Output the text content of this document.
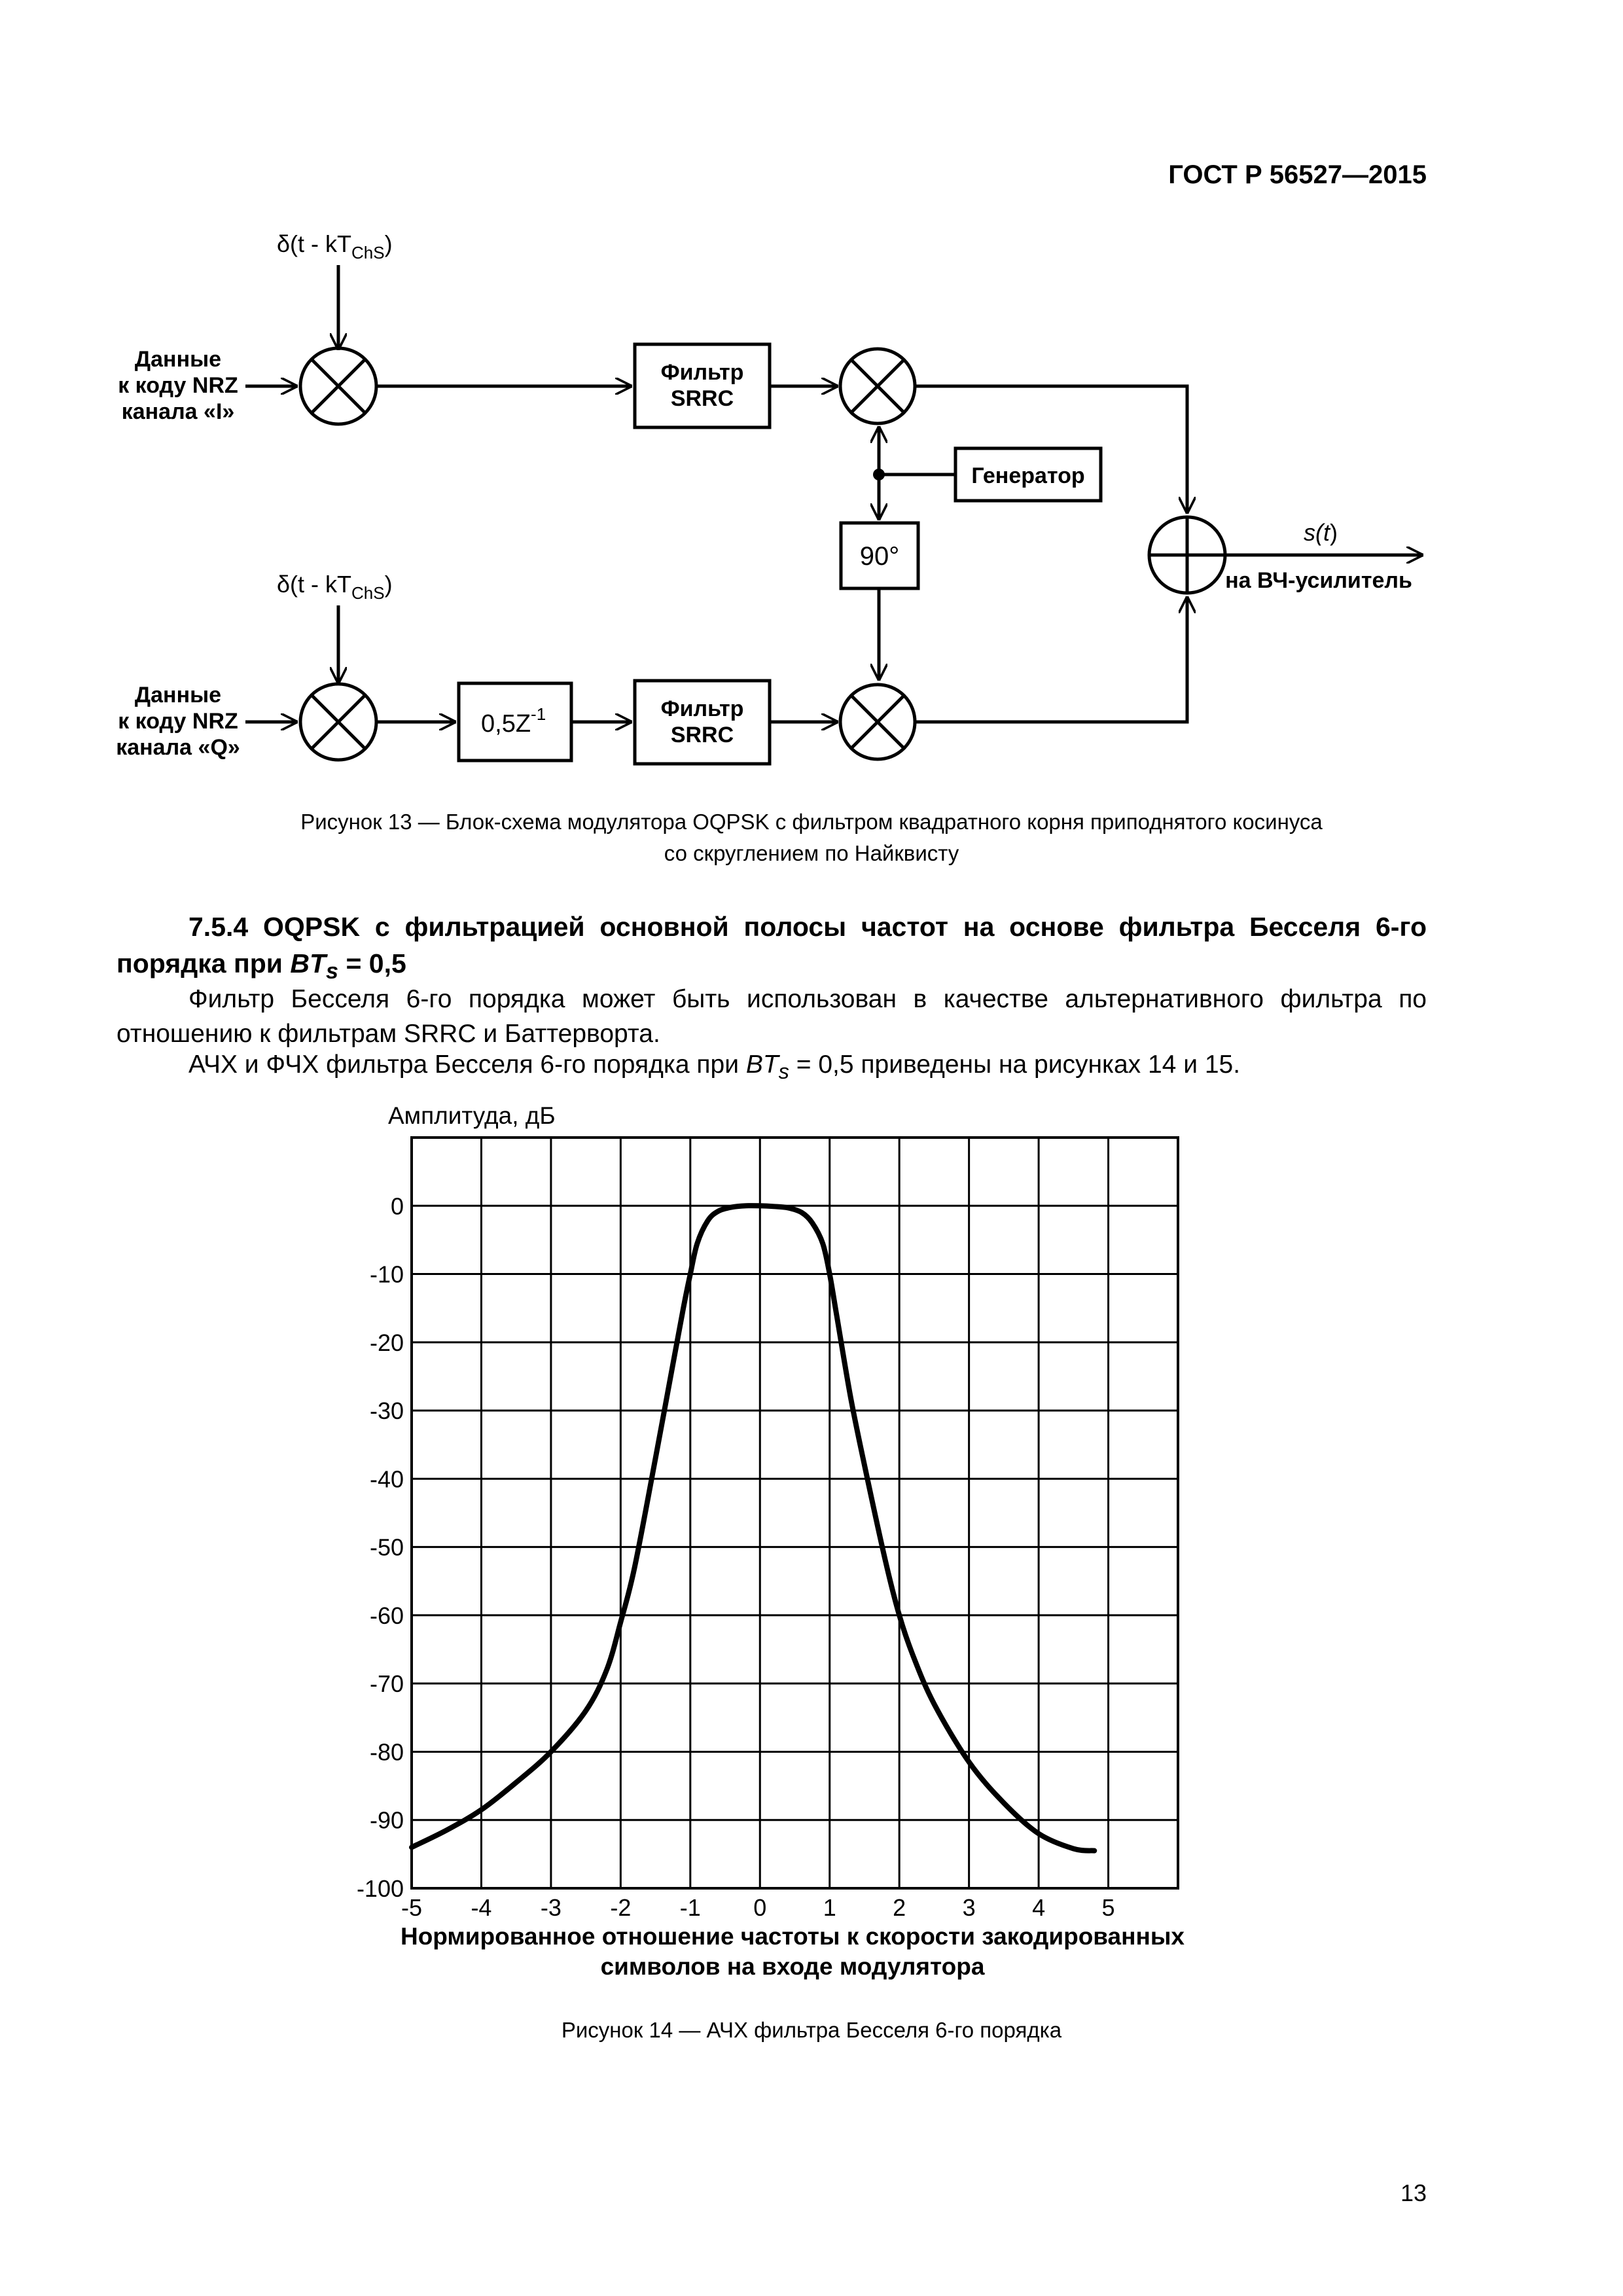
ГОСТ Р 56527—2015
$\delta(t - kT_{ChS})$
$\delta(t - kT_{ChS})$
Данные
к коду NRZ
канала «I»
Данные
к коду NRZ
канала «Q»
Фильтр
SRRC
Фильтр
SRRC
Генератор
на ВЧ-усилитель
90°
$0,5Z^{-1}$
s(t)
Рисунок 13 — Блок-схема модулятора OQPSK с фильтром квадратного корня приподнятого косинуса
со скруглением по Найквисту
7.5.4 OQPSK с фильтрацией основной полосы частот на основе фильтра Бесселя 6-го порядка при $BT_s = 0,5$
Фильтр Бесселя 6-го порядка может быть использован в качестве альтернативного фильтра по отношению к фильтрам SRRC и Баттерворта.
АЧХ и ФЧХ фильтра Бесселя 6-го порядка при $BT_s = 0,5$ приведены на рисунках 14 и 15.
-5 -4 -3 -2 -1 0 1 2 3 4 5
0
-10
-20
-30
-40
-50
-60
-70
-80
-90
-100
Амплитуда, дБ
Нормированное отношение частоты к скорости закодированных
символов на входе модулятора
Рисунок 14 — АЧХ фильтра Бесселя 6-го порядка
13
